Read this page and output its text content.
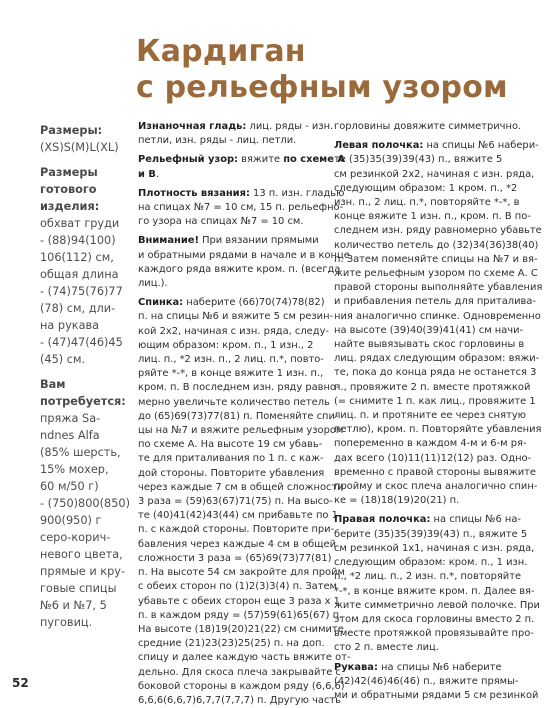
Кардиган
с рельефным узором
Размеры:
(XS)S(M)L(XL)
Размеры
готового
изделия:
обхват груди
- (88)94(100)
106(112) см,
общая длина
- (74)75(76)77
(78) см, дли-
на рукава
- (47)47(46)45
(45) см.
Вам
потребуется:
пряжа Sa-
ndnes Alfa
(85% шерсть,
15% мохер,
60 м/50 г)
- (750)800(850)
900(950) г
серо-корич-
невого цвета,
прямые и кру-
говые спицы
№6 и №7, 5
пуговиц.
Изнаночная гладь: лиц. ряды - изн.
петли, изн. ряды - лиц. петли.
Рельефный узор: вяжите по схеме А
и В.
Плотность вязания: 13 п. изн. гладью
на спицах №7 = 10 см, 15 п. рельефно-
го узора на спицах №7 = 10 см.
Внимание! При вязании прямыми
и обратными рядами в начале и в конце
каждого ряда вяжите кром. п. (всегда
лиц.).
Спинка: наберите (66)70(74)78(82)
п. на спицы №6 и вяжите 5 см резин-
кой 2х2, начиная с изн. ряда, следу-
ющим образом: кром. п., 1 изн., 2
лиц. п., *2 изн. п., 2 лиц. п.*, повто-
ряйте *-*, в конце вяжите 1 изн. п.,
кром. п. В последнем изн. ряду равно-
мерно увеличьте количество петель
до (65)69(73)77(81) п. Поменяйте спи-
цы на №7 и вяжите рельефным узором
по схеме А. На высоте 19 см убавь-
те для приталивания по 1 п. с каж-
дой стороны. Повторите убавления
через каждые 7 см в общей сложности
3 раза = (59)63(67)71(75) п. На высо-
те (40)41(42)43(44) см прибавьте по 1
п. с каждой стороны. Повторите при-
бавления через каждые 4 см в общей
сложности 3 раза = (65)69(73)77(81)
п. На высоте 54 см закройте для пройм
с обеих сторон по (1)2(3)3(4) п. Затем
убавьте с обеих сторон еще 3 раза х 1
п. в каждом ряду = (57)59(61)65(67) п.
На высоте (18)19(20)21(22) см снимите
средние (21)23(23)25(25) п. на доп.
спицу и далее каждую часть вяжите от-
дельно. Для скоса плеча закрывайте с
боковой стороны в каждом ряду (6,6,6)
6,6,6(6,6,7)6,7,7(7,7,7) п. Другую часть
горловины довяжите симметрично.
Левая полочка: на спицы №6 набери-
те (35)35(39)39(43) п., вяжите 5
см резинкой 2х2, начиная с изн. ряда,
следующим образом: 1 кром. п., *2
изн. п., 2 лиц. п.*, повторяйте *-*, в
конце вяжите 1 изн. п., кром. п. В по-
следнем изн. ряду равномерно убавьте
количество петель до (32)34(36)38(40)
п. Затем поменяйте спицы на №7 и вя-
жите рельефным узором по схеме А. С
правой стороны выполняйте убавления
и прибавления петель для приталива-
ния аналогично спинке. Одновременно
на высоте (39)40(39)41(41) см начи-
найте вывязывать скос горловины в
лиц. рядах следующим образом: вяжи-
те, пока до конца ряда не останется 3
п., провяжите 2 п. вместе протяжкой
(= снимите 1 п. как лиц., провяжите 1
лиц. п. и протяните ее через снятую
петлю), кром. п. Повторяйте убавления
попеременно в каждом 4-м и 6-м ря-
дах всего (10)11(11)12(12) раз. Одно-
временно с правой стороны вывяжите
пройму и скос плеча аналогично спин-
ке = (18)18(19)20(21) п.
Правая полочка: на спицы №6 на-
берите (35)35(39)39(43) п., вяжите 5
см резинкой 1х1, начиная с изн. ряда,
следующим образом: кром. п., 1 изн.
п., *2 лиц. п., 2 изн. п.*, повторяйте
*-*, в конце вяжите кром. п. Далее вя-
жите симметрично левой полочке. При
этом для скоса горловины вместо 2 п.
вместе протяжкой провязывайте про-
сто 2 п. вместе лиц.
Рукава: на спицы №6 наберите
(42)42(46)46(46) п., вяжите прямы-
ми и обратными рядами 5 см резинкой
52
